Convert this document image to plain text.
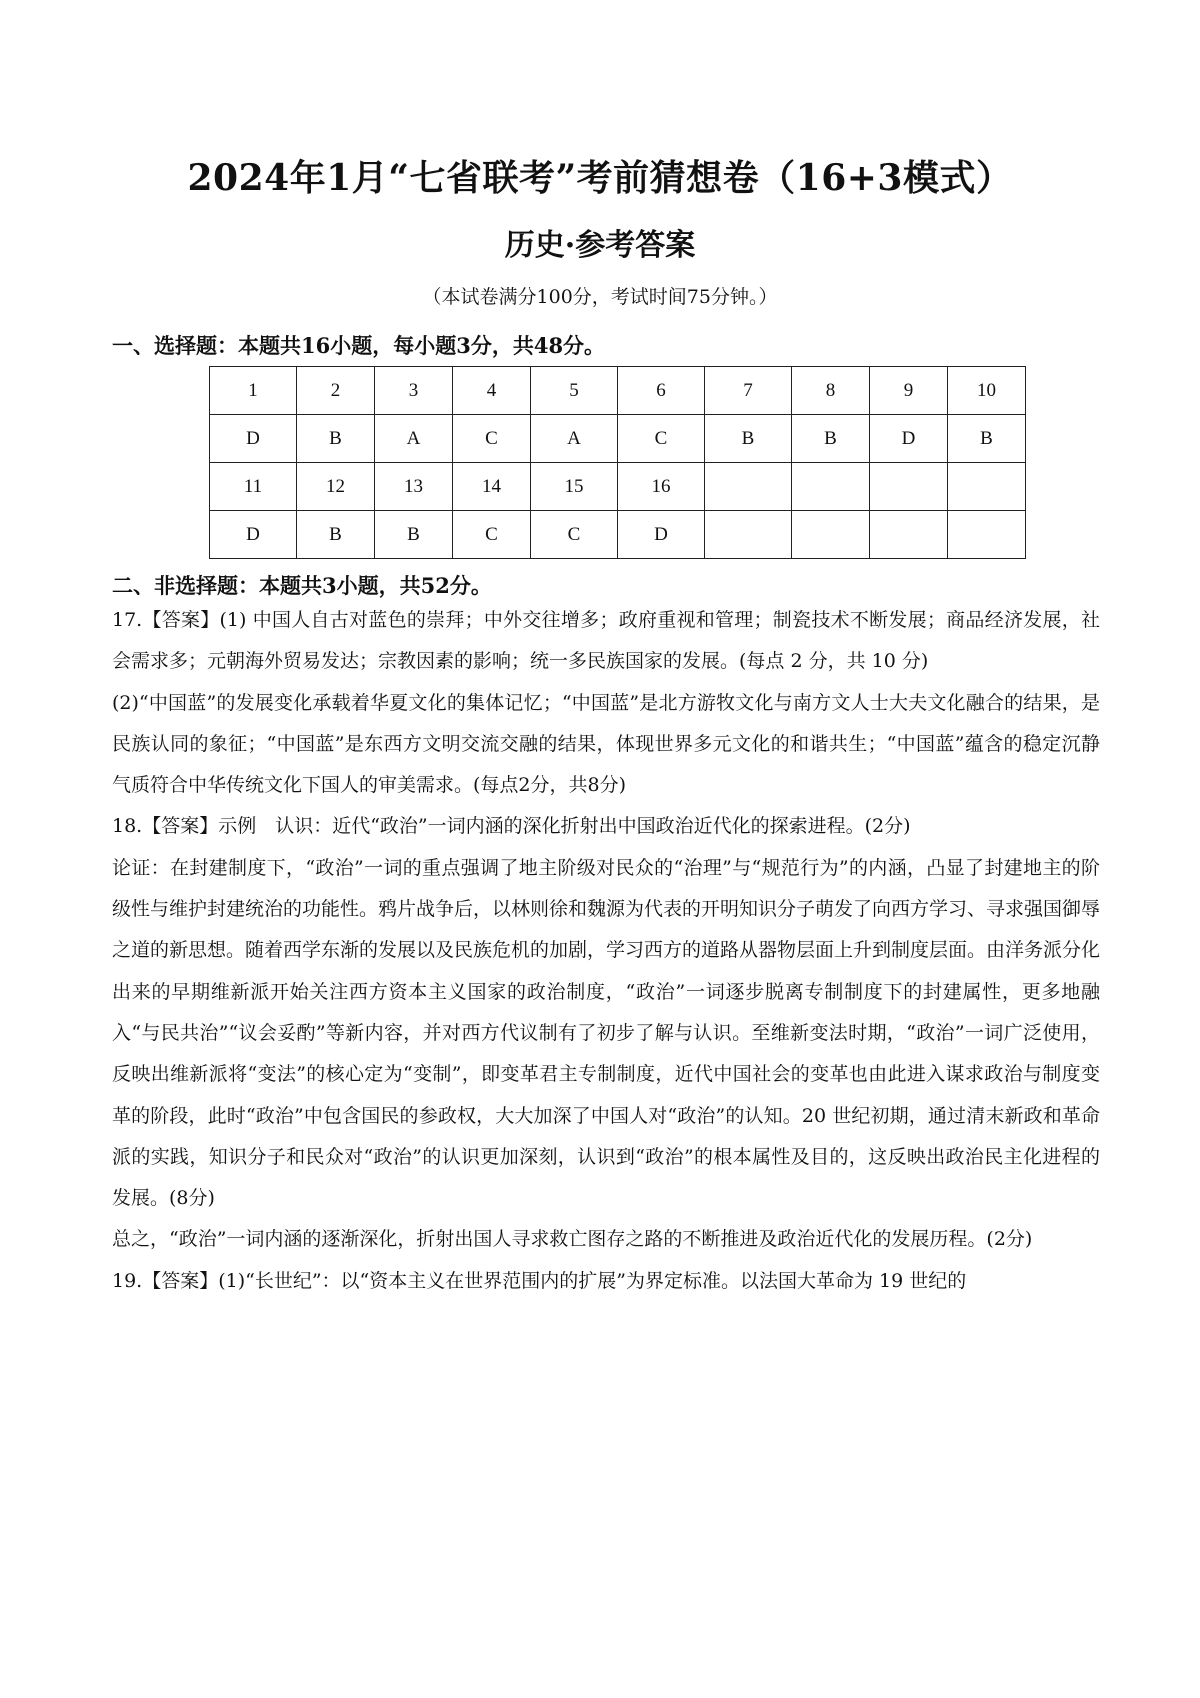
2024年1月“七省联考”考前猜想卷（16+3模式）
历史·参考答案
（本试卷满分100分，考试时间75分钟。）
一、选择题：本题共16小题，每小题3分，共48分。
1	2	3	4	5	6	7	8	9	10
D	B	A	C	A	C	B	B	D	B
11	12	13	14	15	16				
D	B	B	C	C	D				
二、非选择题：本题共3小题，共52分。

17.【答案】(1) 中国人自古对蓝色的崇拜；中外交往增多；政府重视和管理；制瓷技术不断发展；商品经济发展，社会需求多；元朝海外贸易发达；宗教因素的影响；统一多民族国家的发展。(每点 2 分，共 10 分)

(2)“中国蓝”的发展变化承载着华夏文化的集体记忆；“中国蓝”是北方游牧文化与南方文人士大夫文化融合的结果，是民族认同的象征；“中国蓝”是东西方文明交流交融的结果，体现世界多元文化的和谐共生；“中国蓝”蕴含的稳定沉静气质符合中华传统文化下国人的审美需求。(每点2分，共8分)

18.【答案】示例　认识：近代“政治”一词内涵的深化折射出中国政治近代化的探索进程。(2分)

论证：在封建制度下，“政治”一词的重点强调了地主阶级对民众的“治理”与“规范行为”的内涵，凸显了封建地主的阶级性与维护封建统治的功能性。鸦片战争后，以林则徐和魏源为代表的开明知识分子萌发了向西方学习、寻求强国御辱之道的新思想。随着西学东渐的发展以及民族危机的加剧，学习西方的道路从器物层面上升到制度层面。由洋务派分化出来的早期维新派开始关注西方资本主义国家的政治制度，“政治”一词逐步脱离专制制度下的封建属性，更多地融入“与民共治”“议会妥酌”等新内容，并对西方代议制有了初步了解与认识。至维新变法时期，“政治”一词广泛使用，反映出维新派将“变法”的核心定为“变制”，即变革君主专制制度，近代中国社会的变革也由此进入谋求政治与制度变革的阶段，此时“政治”中包含国民的参政权，大大加深了中国人对“政治”的认知。20 世纪初期，通过清末新政和革命派的实践，知识分子和民众对“政治”的认识更加深刻，认识到“政治”的根本属性及目的，这反映出政治民主化进程的发展。(8分)

总之，“政治”一词内涵的逐渐深化，折射出国人寻求救亡图存之路的不断推进及政治近代化的发展历程。(2分)

19.【答案】(1)“长世纪”：以“资本主义在世界范围内的扩展”为界定标准。以法国大革命为 19 世纪的
